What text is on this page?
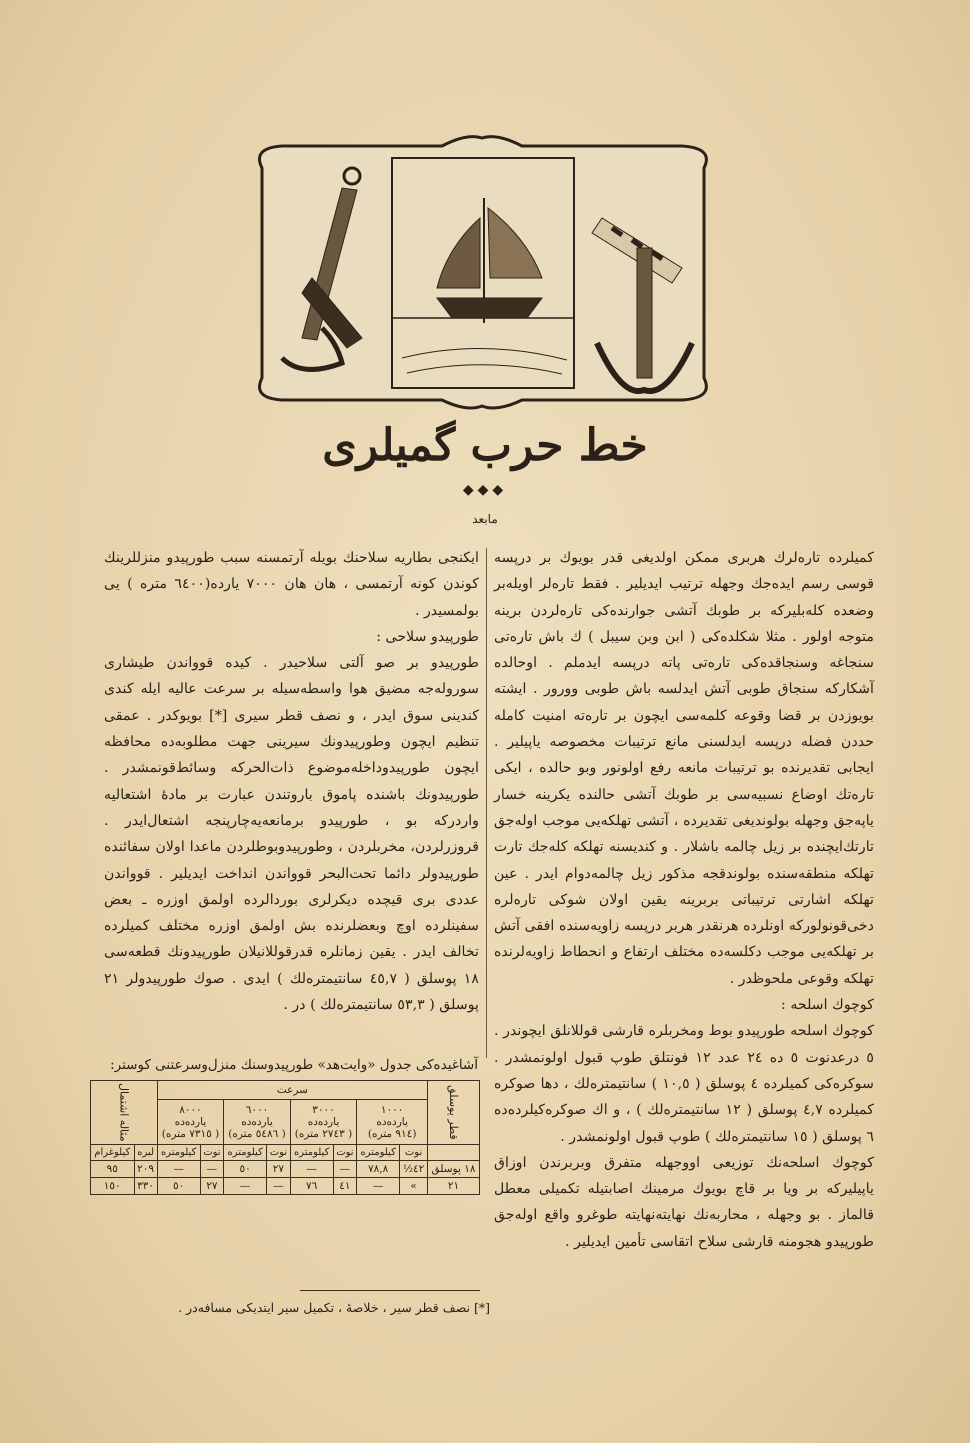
خط حرب گمیلری
◆◆◆
مابعد

کمیلرده تاره‌لرك هربری ممکن اولدیغی قدر بویوك بر درپسه قوسی رسم ایده‌جك وجهله ترتیب ایدیلیر . فقط تاره‌لر اویله‌بر وضعده کله‌بلیرکه بر طوبك آتشی جوارنده‌کی تاره‌لردن برینه متوجه اولور . مثلا شکلده‌کی ( ابن وبن سیبل ) ك باش تاره‌تی سنجاغه وسنجاقده‌کی تاره‌تی پاته درپسه ایدملم . اوحالده آشکارکه سنجاق طوبی آتش ایدلسه باش طوبی وورور . ایشته بویوزدن بر قضا وقوعه کلمه‌سی ایچون بر تاره‌ته امنیت کامله حددن فضله درپسه ایدلسنی مانع ترتیبات مخصوصه یاپیلیر . ایجابی تقدیرنده بو ترتیبات مانعه رفع اولونور وبو حالده ، ایکی تاره‌تك اوضاع نسبیه‌سی بر طوبك آتشی حالنده یکرینه خسار یاپه‌جق وجهله بولوندیغی تقدیرده ، آتشی تهلکه‌یی موجب اوله‌جق تارتك‌ایچنده بر زیل چالمه باشلار . و کندیسنه تهلکه کله‌جك تارت تهلکه منطقه‌سنده بولوندقجه مذکور زیل چالمه‌دوام ایدر . عین تهلکه اشارتی ترتیباتی بربرینه یقین اولان شوکی تاره‌لره دخی‌قونولورکه اونلرده هرنقدر هربر درپسه زاویه‌سنده افقی آتش بر تهلکه‌یی موجب دکلسه‌ده مختلف ارتفاع و انحطاط زاویه‌لرنده تهلکه وقوعی ملحوظدر .

کوچوك اسلحه :

کوچوك اسلحه طورپیدو بوط ومخربلره قارشی قوللانلق ایچوندر . ٥ درعدنوت ٥ ده ٢٤ عدد ١٢ فونتلق طوپ قبول اولونمشدر . سوکره‌کی کمیلرده ٤ پوسلق ( ١٠,٥ ) سانتیمترەلك ، دها صوکره کمیلرده ٤,٧ پوسلق ( ١٢ سانتیمترەلك ) ، و اك صوکره‌کیلرده‌ده ٦ پوسلق ( ١٥ سانتیمترەلك ) طوپ قبول اولونمشدر .

کوچوك اسلحه‌نك توزیعی اوو‌جهله متفرق وبربرندن اوزاق یاپیلیرکه بر ویا بر قاچ بویوك مرمینك اصابتیله تکمیلی معطل قالماز . بو وجهله ، محاربه‌نك نهایته‌نهایته طوغرو واقع اوله‌جق طورپیدو هجومنه قارشی سلاح اتقاسی تأمین ایدیلیر .

ایکنجی بطاریه سلاحنك بویله آرتمسنه سبب طورپیدو منزللرینك کوندن کونه آرتمسی ، هان هان ٧٠٠٠ یارده(٦٤٠٠ متره ) یی بولمسیدر .

طورپیدو سلاحی :

طورپیدو بر صو آلتی سلاحیدر . کیده قوواندن طیشاری سوروله‌جه مضیق هوا واسطه‌سیله بر سرعت عالیه ایله کندی کندینی سوق ایدر ، و نصف قطر سیری [*] بویوکدر . عمقی تنظیم ایچون وطورپیدونك سیرینی جهت مطلوبه‌ده محافظه ایچون طورپیدوداخله‌موضوع ذات‌الحرکه وسائط‌قونمشدر . طورپیدونك باشنده پاموق باروتندن عبارت بر مادهٔ اشتعالیه واردرکه بو ، طورپیدو برمانعه‌یه‌چارپنجه اشتعال‌ایدر . قروزرلردن، مخربلردن ، وطورپیدوبوطلردن ماعدا اولان سفائنده طورپیدولر دائما تحت‌البحر قوواندن انداخت ایدیلیر . قوواندن عددی بری قیچده دیکرلری بوردالرده اولمق اوزره ـ بعض سفینلرده اوچ وبعضلرنده بش اولمق اوزره مختلف کمیلرده تخالف ایدر . یقین زمانلره قدرقوللانیلان طورپیدونك قطعه‌سی ١٨ پوسلق ( ٤٥,٧ سانتیمترەلك ) ایدی . صوك طورپیدولر ٢١ پوسلق ( ٥٣,٣ سانتیمترەلك ) در .

آشاغیده‌کی جدول «وایت‌هد» طورپیدوسنك منزل‌وسرعتنی کوستر:
قطر پوسلق	سرعت								مثاله اشتمال	
	١٠٠٠
یارده‌ده
(٩١٤ متره)		٣٠٠٠
یارده‌ده
( ٢٧٤٣ متره)		٦٠٠٠
یارده‌ده
( ٥٤٨٦ متره)		٨٠٠٠
یارده‌ده
( ٧٣١٥ متره)			
	نوت	کیلومتره	نوت	کیلومتره	نوت	کیلومتره	نوت	کیلومتره	لبره	کیلوغرام
١٨ پوسلق	٤٢½	٧٨,٨	—	—	٢٧	٥٠	—	—	٢٠٩	٩٥
٢١	»	—	٤١	٧٦	—	—	٢٧	٥٠	٣٣٠	١٥٠
[*] نصف قطر سیر ، خلاصهٔ ، تکمیل سیر ایتدیکی مسافه‌در .
